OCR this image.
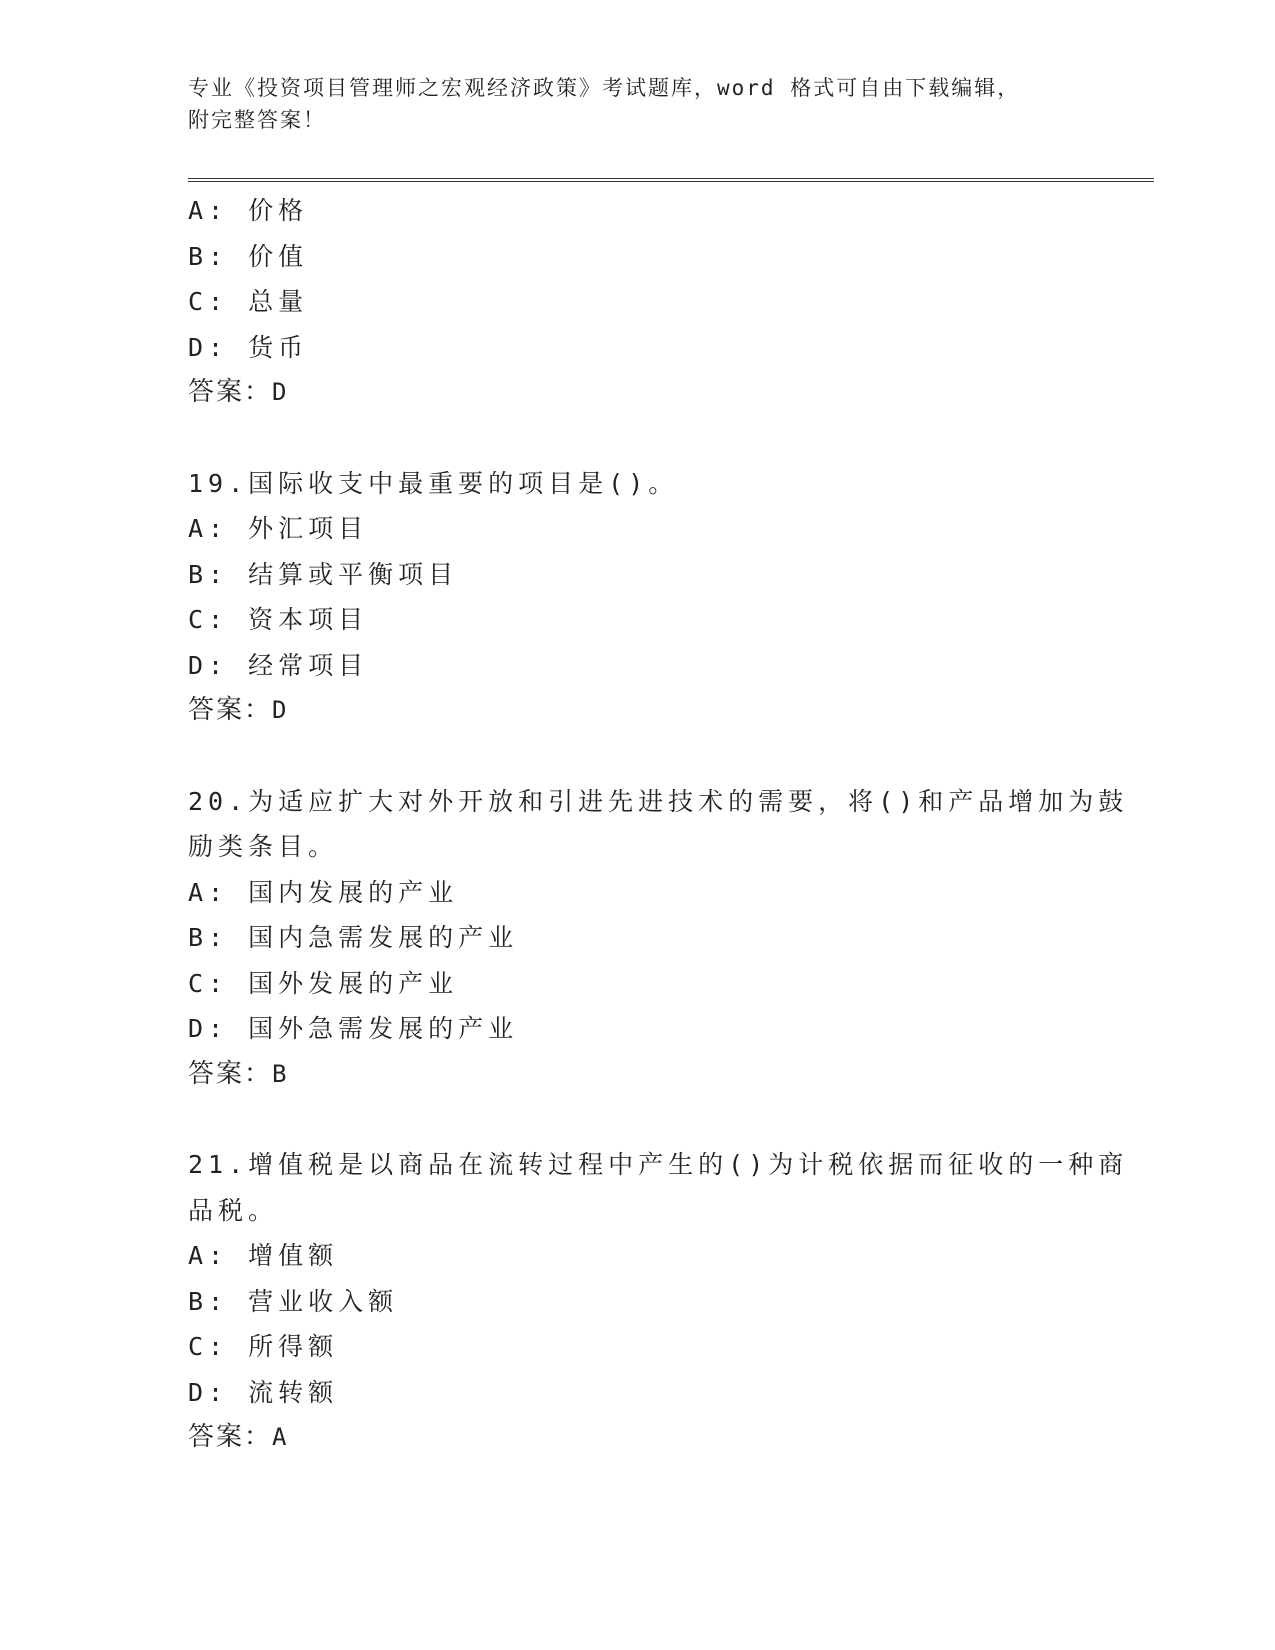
专业《投资项目管理师之宏观经济政策》考试题库，word 格式可自由下载编辑，
附完整答案！
A: 价格
B: 价值
C: 总量
D: 货币
答案：D
19.国际收支中最重要的项目是()。
A: 外汇项目
B: 结算或平衡项目
C: 资本项目
D: 经常项目
答案：D
20.为适应扩大对外开放和引进先进技术的需要，将()和产品增加为鼓
励类条目。
A: 国内发展的产业
B: 国内急需发展的产业
C: 国外发展的产业
D: 国外急需发展的产业
答案：B
21.增值税是以商品在流转过程中产生的()为计税依据而征收的一种商
品税。
A: 增值额
B: 营业收入额
C: 所得额
D: 流转额
答案：A
